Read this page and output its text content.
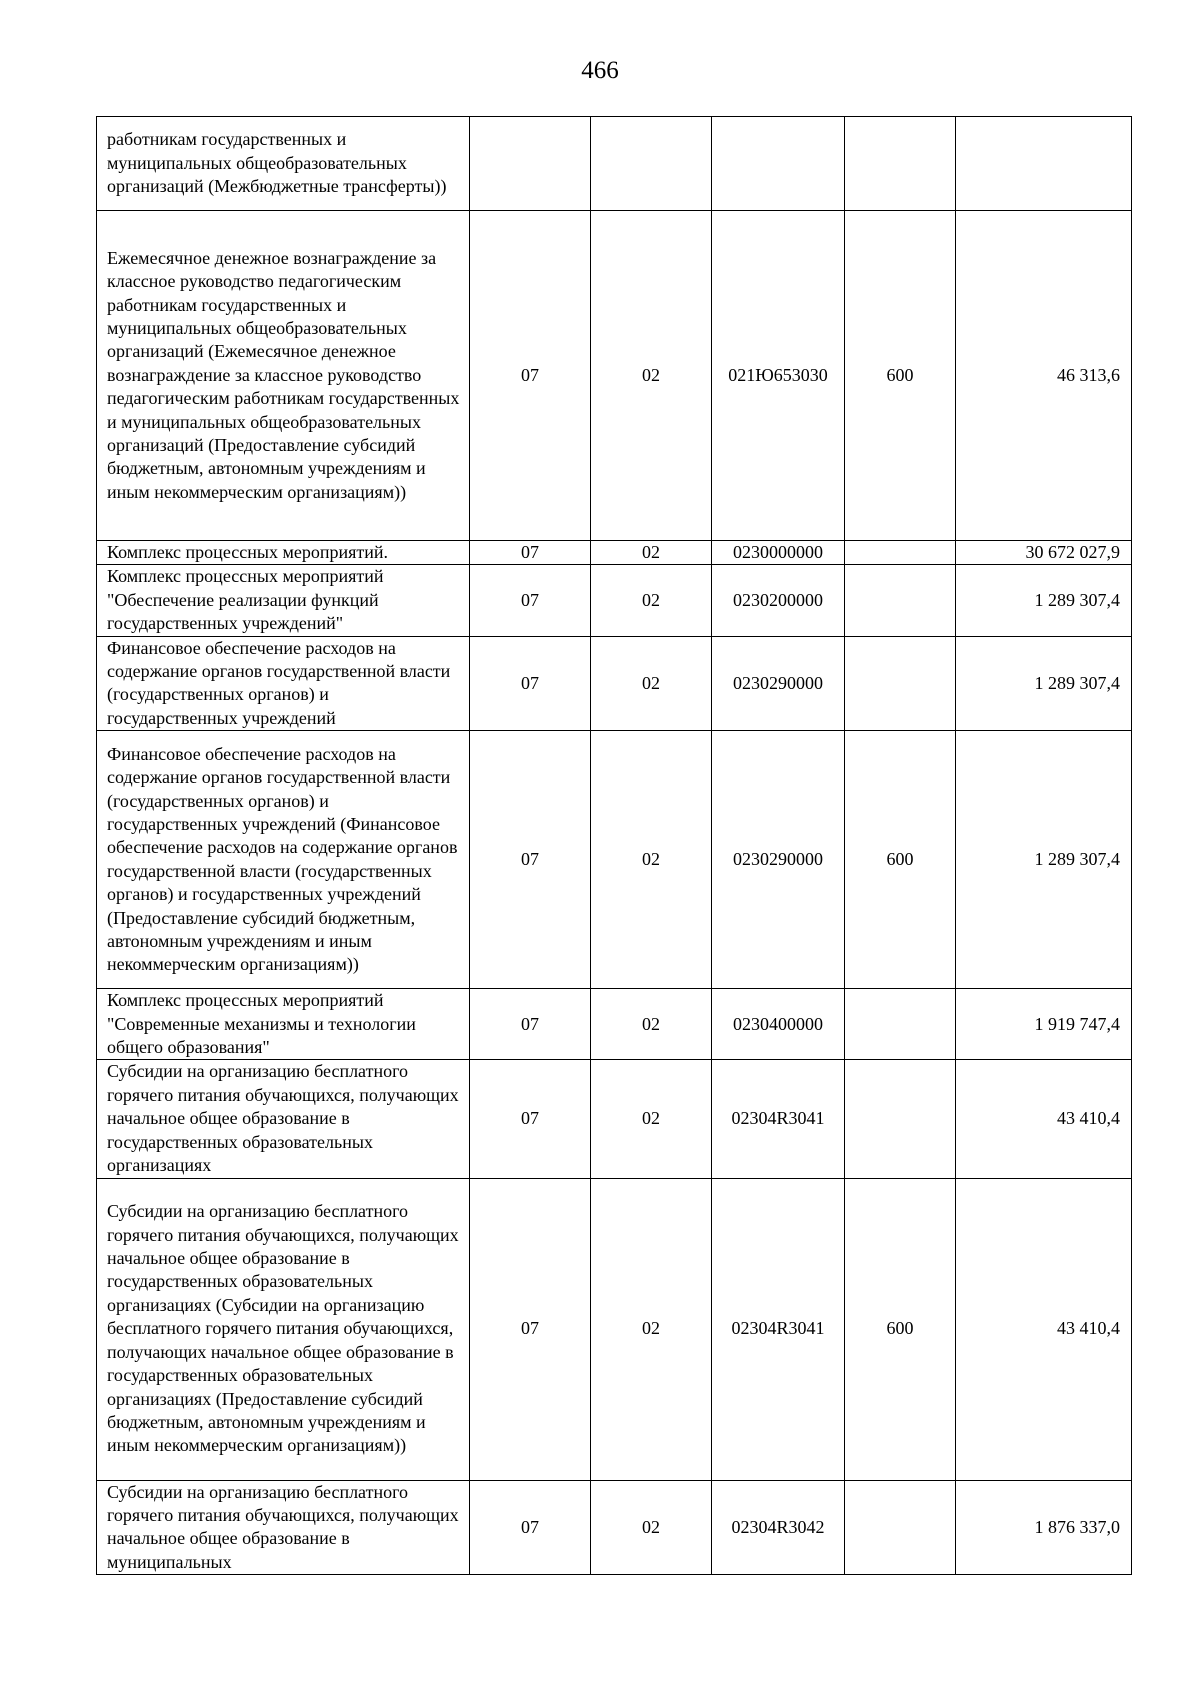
466
работникам государственных и муниципальных общеобразовательных организаций (Межбюджетные трансферты))					
Ежемесячное денежное вознаграждение за классное руководство педагогическим работникам государственных и муниципальных общеобразовательных организаций (Ежемесячное денежное вознаграждение за классное руководство педагогическим работникам государственных и муниципальных общеобразовательных организаций (Предоставление субсидий бюджетным, автономным учреждениям и иным некоммерческим организациям))	07	02	021Ю653030	600	46 313,6
Комплекс процессных мероприятий.	07	02	0230000000		30 672 027,9
Комплекс процессных мероприятий "Обеспечение реализации функций государственных учреждений"	07	02	0230200000		1 289 307,4
Финансовое обеспечение расходов на содержание органов государственной власти (государственных органов) и государственных учреждений	07	02	0230290000		1 289 307,4
Финансовое обеспечение расходов на содержание органов государственной власти (государственных органов) и государственных учреждений (Финансовое обеспечение расходов на содержание органов государственной власти (государственных органов) и государственных учреждений (Предоставление субсидий бюджетным, автономным учреждениям и иным некоммерческим организациям))	07	02	0230290000	600	1 289 307,4
Комплекс процессных мероприятий "Современные механизмы и технологии общего образования"	07	02	0230400000		1 919 747,4
Субсидии на организацию бесплатного горячего питания обучающихся, получающих начальное общее образование в государственных образовательных организациях	07	02	02304R3041		43 410,4
Субсидии на организацию бесплатного горячего питания обучающихся, получающих начальное общее образование в государственных образовательных организациях (Субсидии на организацию бесплатного горячего питания обучающихся, получающих начальное общее образование в государственных образовательных организациях (Предоставление субсидий бюджетным, автономным учреждениям и иным некоммерческим организациям))	07	02	02304R3041	600	43 410,4
Субсидии на организацию бесплатного горячего питания обучающихся, получающих начальное общее образование в муниципальных	07	02	02304R3042		1 876 337,0
